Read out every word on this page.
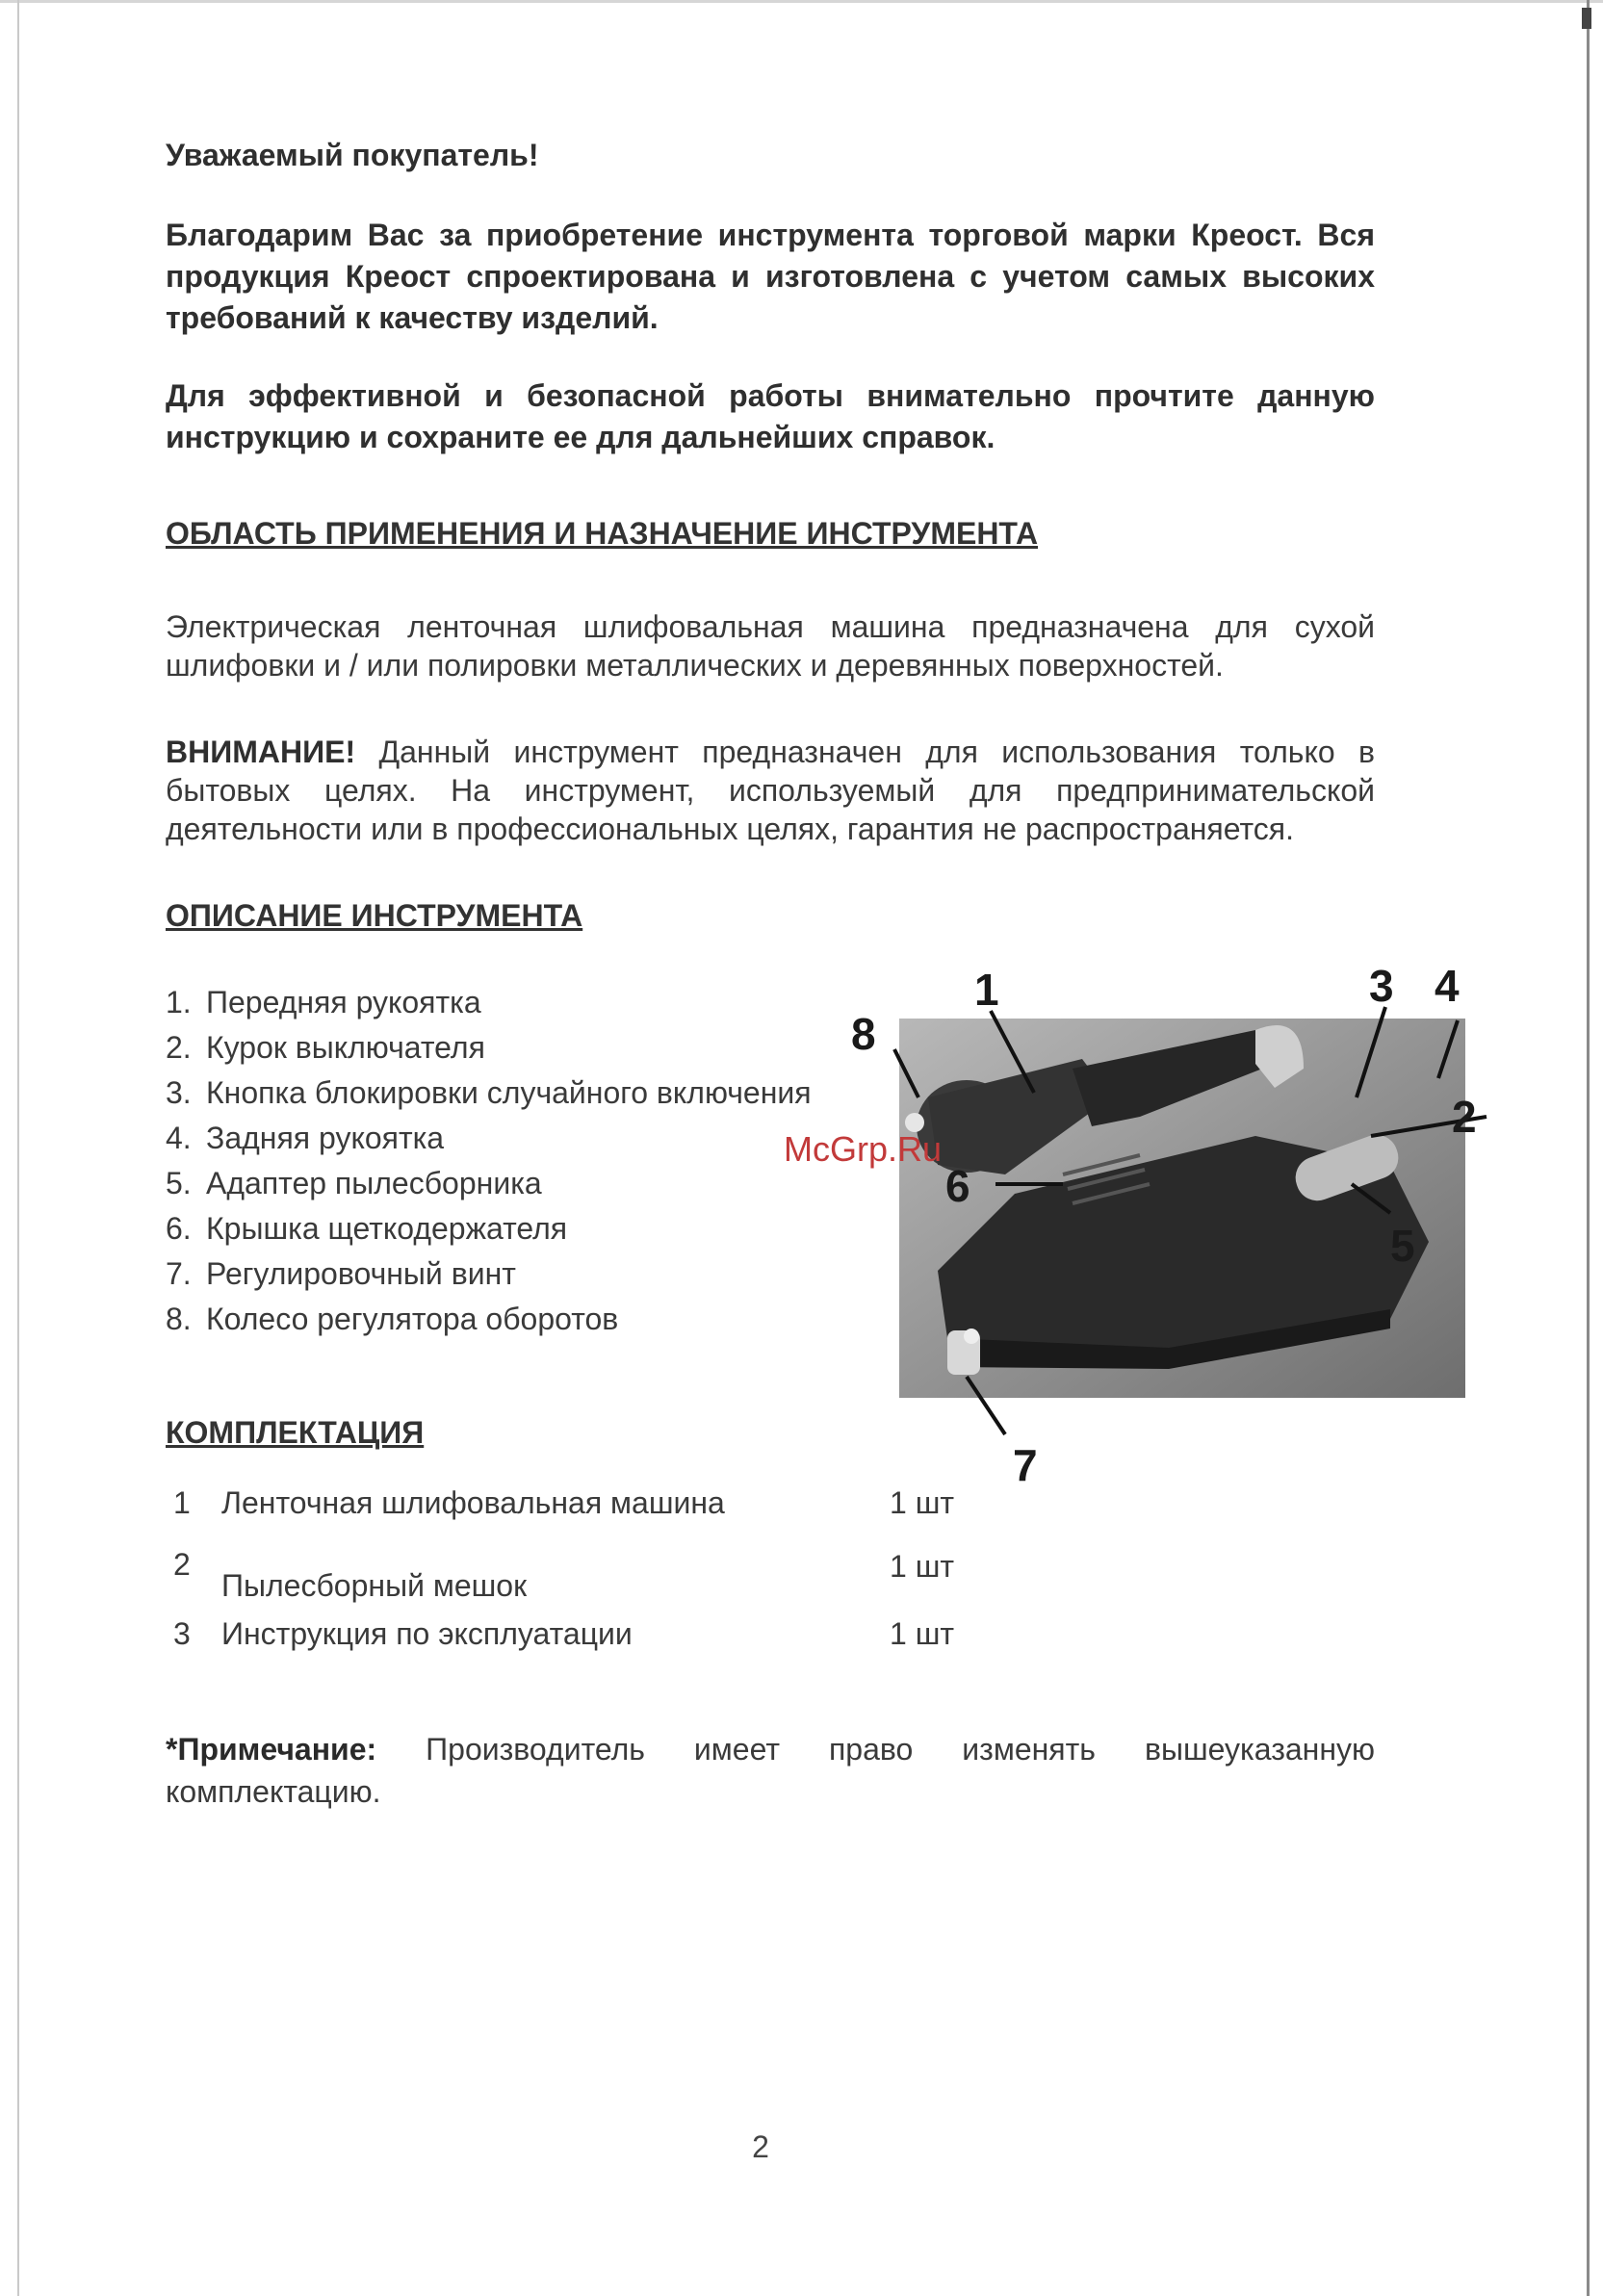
Уважаемый покупатель!

Благодарим Вас за приобретение инструмента торговой марки Креост. Вся продукция Креост спроектирована и изготовлена с учетом самых высоких требований к качеству изделий.

Для эффективной и безопасной работы внимательно прочтите данную инструкцию и сохраните ее для дальнейших справок.

ОБЛАСТЬ ПРИМЕНЕНИЯ И НАЗНАЧЕНИЕ ИНСТРУМЕНТА

Электрическая ленточная шлифовальная машина предназначена для сухой шлифовки и / или полировки металлических и деревянных поверхностей.

ВНИМАНИЕ! Данный инструмент предназначен для использования только в бытовых целях. На инструмент, используемый для предпринимательской деятельности или в профессиональных целях, гарантия не распространяется.

ОПИСАНИЕ ИНСТРУМЕНТА
1. Передняя рукоятка
2. Курок выключателя
3. Кнопка блокировки случайного включения
4. Задняя рукоятка
5. Адаптер пылесборника
6. Крышка щеткодержателя
7. Регулировочный винт
8. Колесо регулятора оборотов
1
2
3 4
5
6
7
8
McGrp.Ru
КОМПЛЕКТАЦИЯ
1 Ленточная шлифовальная машина	1 шт
2
Пылесборный мешок
1 шт
3 Инструкция по эксплуатации	1 шт

*Примечание: Производитель имеет право изменять вышеуказанную комплектацию.

2
